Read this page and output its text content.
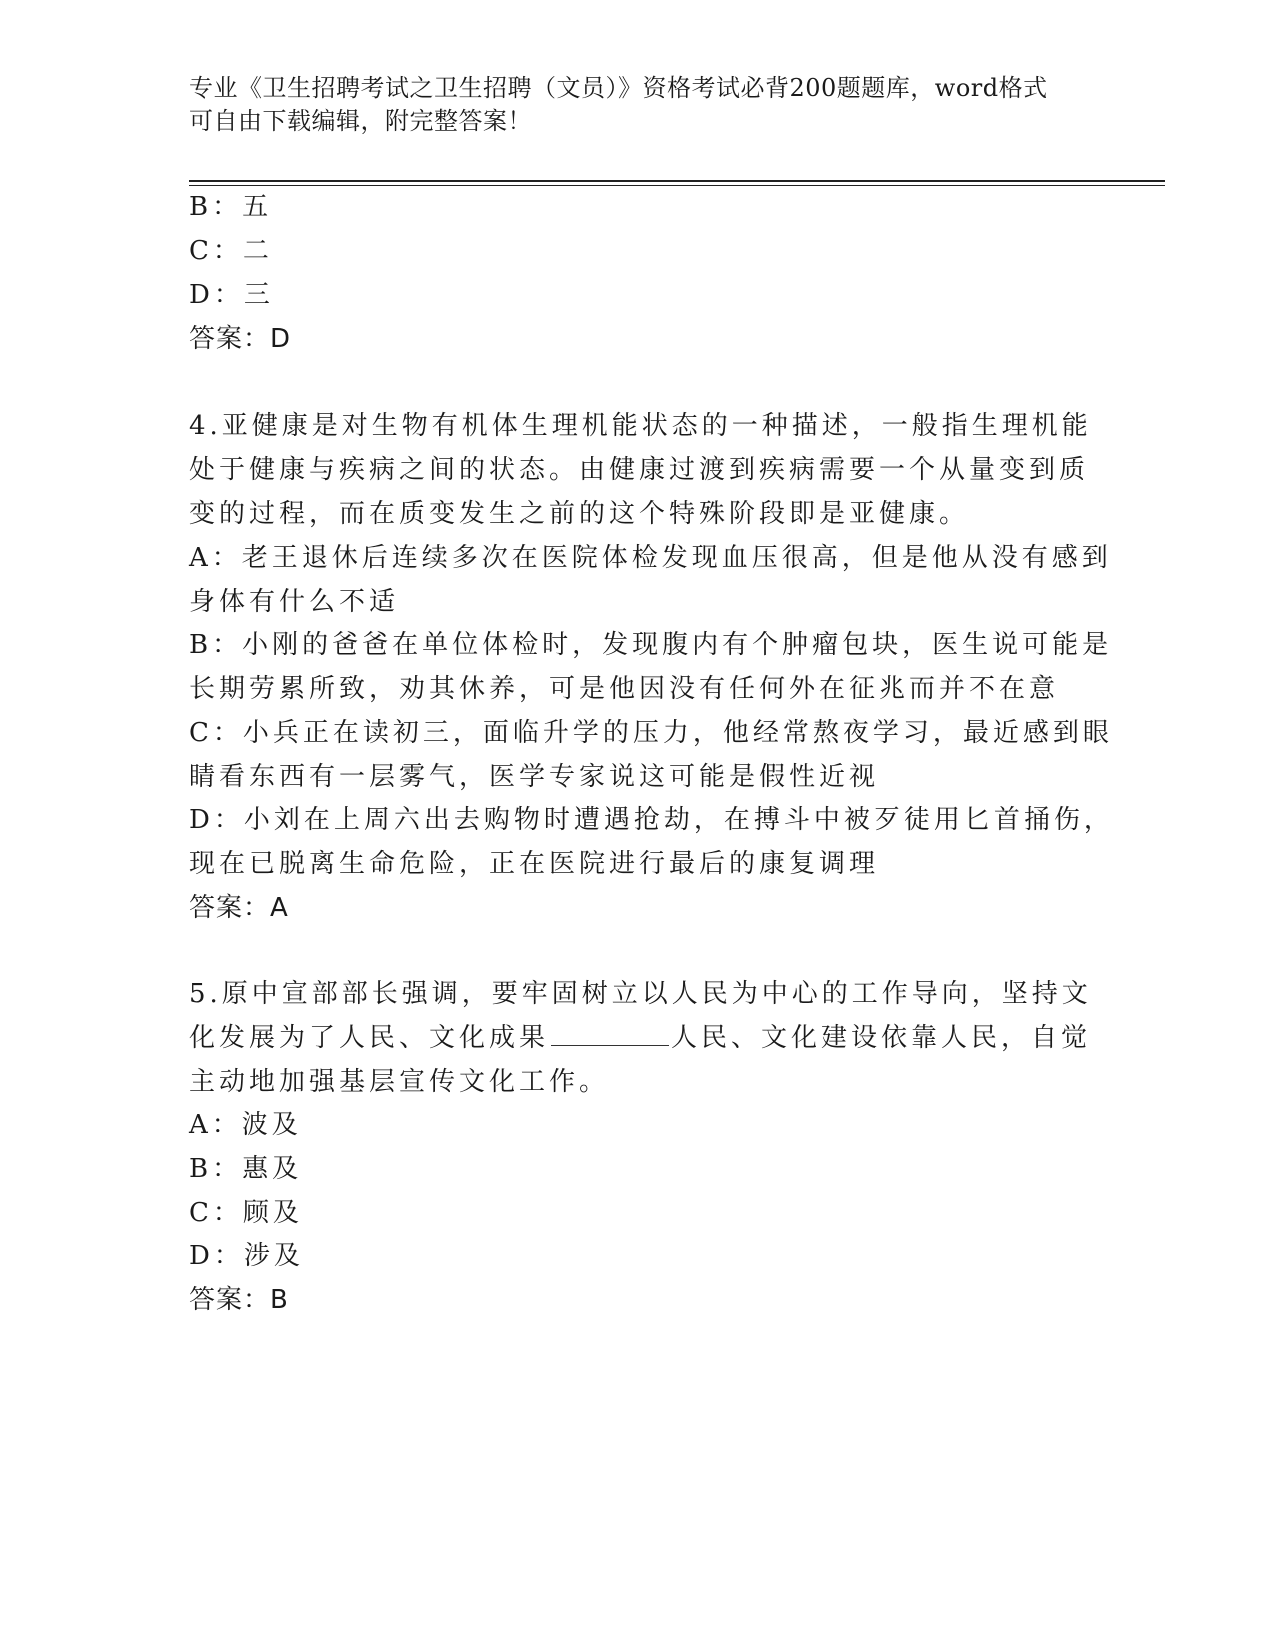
专业《卫生招聘考试之卫生招聘（文员）》资格考试必背200题题库，word格式
可自由下载编辑，附完整答案！
B：五
C：二
D：三
答案：D
4.亚健康是对生物有机体生理机能状态的一种描述，一般指生理机能
处于健康与疾病之间的状态。由健康过渡到疾病需要一个从量变到质
变的过程，而在质变发生之前的这个特殊阶段即是亚健康。
A：老王退休后连续多次在医院体检发现血压很高，但是他从没有感到
身体有什么不适
B：小刚的爸爸在单位体检时，发现腹内有个肿瘤包块，医生说可能是
长期劳累所致，劝其休养，可是他因没有任何外在征兆而并不在意
C：小兵正在读初三，面临升学的压力，他经常熬夜学习，最近感到眼
睛看东西有一层雾气，医学专家说这可能是假性近视
D：小刘在上周六出去购物时遭遇抢劫，在搏斗中被歹徒用匕首捅伤，
现在已脱离生命危险，正在医院进行最后的康复调理
答案：A
5.原中宣部部长强调，要牢固树立以人民为中心的工作导向，坚持文
化发展为了人民、文化成果	人民、文化建设依靠人民，自觉
主动地加强基层宣传文化工作。
A：波及
B：惠及
C：顾及
D：涉及
答案：B
